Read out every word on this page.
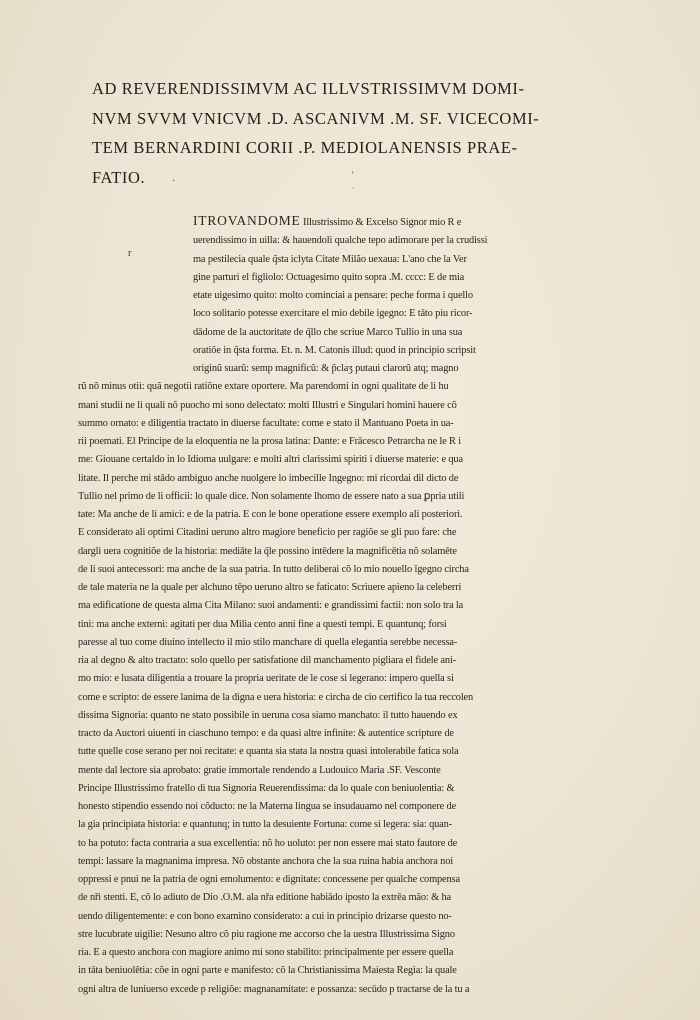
AD REVERENDISSIMVM AC ILLVSTRISSIMVM DOMI-
NVM SVVM VNICVM .D. ASCANIVM .M. SF. VICECOMI-
TEM BERNARDINI CORII .P. MEDIOLANENSIS PRAE-
FATIO.	·
'
·
r
ITROVANDOME Illustrissimo & Excelso Signor mio R e
uerendissimo in uilla: & hauendoli qualche tepo adimorare per la crudissi
ma pestilecia quale q̃sta iclyta Citate Milão uexaua: L'ano che la Ver
gine parturi el figliolo: Octuagesimo quito sopra .M. cccc: E de mia
etate uigesimo quito: molto cominciai a pensare: peche forma i quello
loco solitario potesse exercitare el mio debile igegno: E tāto piu ricor-
dādome de la auctoritate de q̃llo che scriue Marco Tullio in una sua
oratiõe in q̃sta forma. Et. n. M. Catonis illud: quod in principio scripsit
originũ suarũ: semp magnificũ: & p̃claʒ putaui clarorũ atq; magno
rũ nõ minus otii: quã negotii ratiõne extare oportere. Ma parendomi in ogni qualitate de li hu
mani studii ne li quali nõ puocho mi sono delectato: molti Illustri e Singulari homini hauere cõ
summo ornato: e diligentia tractato in diuerse facultate: come e stato il Mantuano Poeta in ua-
rii poemati. El Principe de la eloquentia ne la prosa latina: Dante: e Frācesco Petrarcha ne le R i
me: Giouane certaldo in lo Idioma uulgare: e molti altri clarissimi spiriti i diuerse materie: e qua
litate. Il perche mi stādo ambiguo anche nuolgere lo imbecille Ingegno: mi ricordai dil dicto de
Tullio nel primo de li officii: lo quale dice. Non solamente lhomo de essere nato a sua ꝑpria utili
tate: Ma anche de li amici: e de la patria. E con le bone operatione essere exemplo ali posteriori.
E considerato ali optimi Citadini ueruno altro magiore beneficio per ragiõe se gli puo fare: che
dargli uera cognitiõe de la historia: mediāte la q̃le possino intēdere la magnificētia nõ solamēte
de li suoi antecessori: ma anche de la sua patria. In tutto deliberai cõ lo mio nouello īgegno circha
de tale materia ne la quale per alchuno tēpo ueruno altro se faticato: Scriuere apieno la celeberri
ma edificatione de questa alma Cita Milano: suoi andamenti: e grandissimi factii: non solo tra la
tini: ma anche externi: agitati per dua Milia cento anni fine a questi tempi. E quantunq; forsi
paresse al tuo come diuino intellecto il mio stilo manchare di quella elegantia serebbe necessa-
ria al degno & alto tractato: solo quello per satisfatione dil manchamento pigliara el fidele ani-
mo mio: e lusata diligentia a trouare la propria ueritate de le cose si legerano: impero quella si
come e scripto: de essere lanima de la digna e uera historia: e circha de cio certifico la tua reccolen
dissima Signoria: quanto ne stato possibile in ueruna cosa siamo manchato: il tutto hauendo ex
tracto da Auctori uiuenti in ciaschuno tempo: e da quasi altre infinite: & autentice scripture de
tutte quelle cose serano per noi recitate: e quanta sia stata la nostra quasi intolerabile fatica sola
mente dal lectore sia aprobato: gratie immortale rendendo a Ludouico Maria .SF. Vesconte
Principe Illustrissimo fratello di tua Signoria Reuerendissima: da lo quale con beniuolentia: &
honesto stipendio essendo noi cõducto: ne la Materna lingua se insudauamo nel componere de
la gia principiata historia: e quantunq; in tutto la desuiente Fortuna: come si legera: sia: quan-
to ha potuto: facta contraria a sua excellentia: nõ ho uoluto: per non essere mai stato fautore de
tempi: lassare la magnanima impresa. Nõ obstante anchora che la sua ruina habia anchora noi
oppressi e pnui ne la patria de ogni emolumento: e dignitate: concessene per qualche compensa
de nři stenti. E, cõ lo adiuto de Dio .O.M. ala nřa editione habiādo iposto la extrēa mão: & ha
uendo diligentemente: e con bono examino considerato: a cui in principio drizarse questo no-
stre lucubrate uigilie: Nesuno altro cõ piu ragione me accorso che la uestra Illustrissima Signo
ria. E a questo anchora con magiore animo mi sono stabilito: principalmente per essere quella
in tāta beniuolētia: cõe in ogni parte e manifesto: cõ la Christianissima Maiesta Regia: la quale
ogni altra de luniuerso excede p religiõe: magnanamitate: e possanza: secūdo p tractarse de la tu a
